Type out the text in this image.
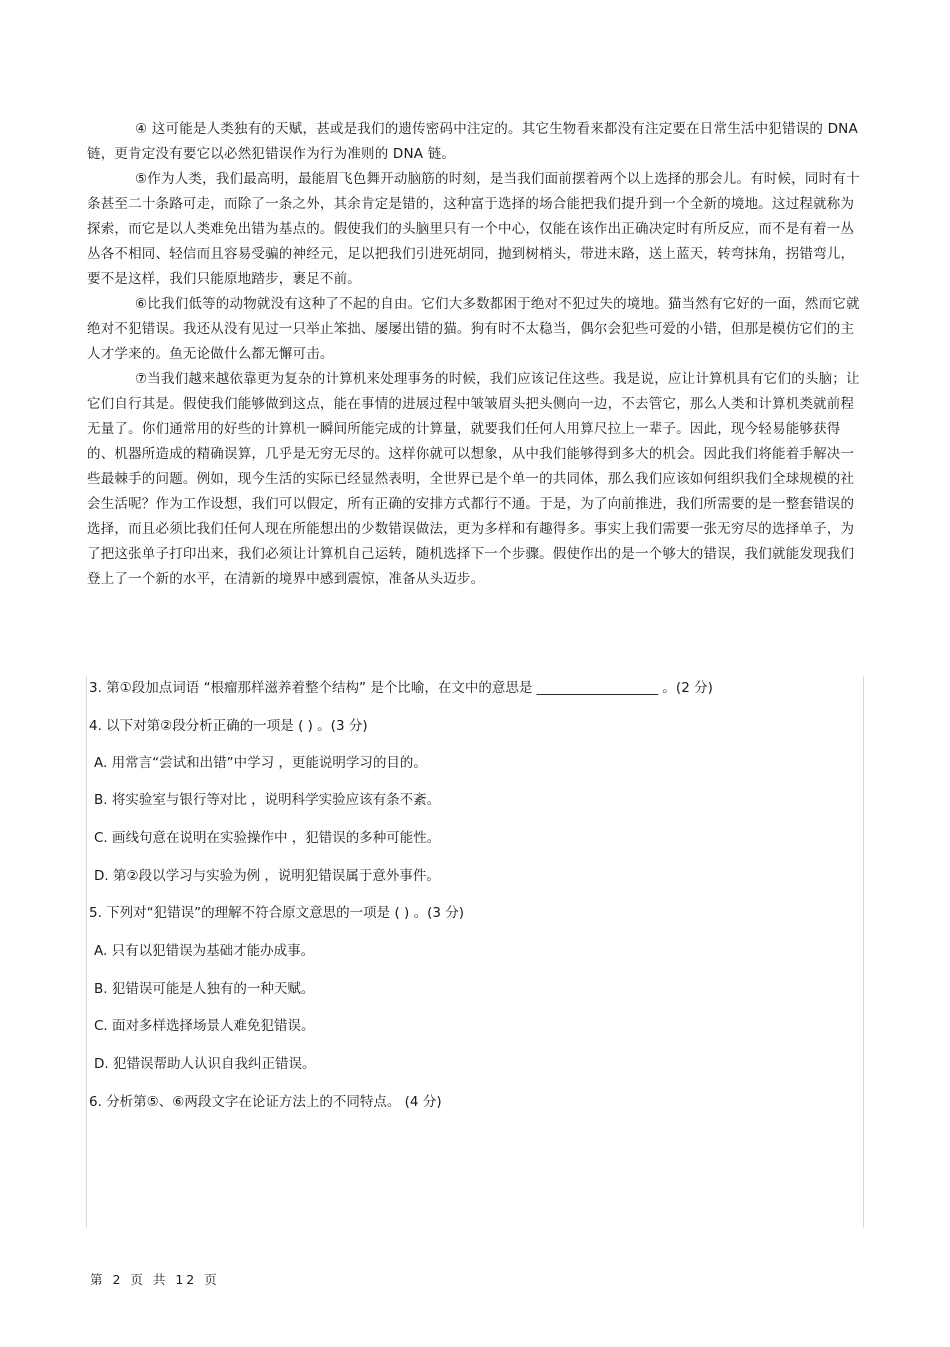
④ 这可能是人类独有的天赋，甚或是我们的遗传密码中注定的。其它生物看来都没有注定要在日常生活中犯错误的 DNA链，更肯定没有要它以必然犯错误作为行为准则的 DNA 链。

⑤作为人类，我们最高明，最能眉飞色舞开动脑筋的时刻，是当我们面前摆着两个以上选择的那会儿。有时候，同时有十条甚至二十条路可走，而除了一条之外，其余肯定是错的，这种富于选择的场合能把我们提升到一个全新的境地。这过程就称为探索，而它是以人类难免出错为基点的。假使我们的头脑里只有一个中心，仅能在该作出正确决定时有所反应，而不是有着一丛丛各不相同、轻信而且容易受骗的神经元，足以把我们引进死胡同，抛到树梢头，带进末路，送上蓝天，转弯抹角，拐错弯儿，要不是这样，我们只能原地踏步，裹足不前。

⑥比我们低等的动物就没有这种了不起的自由。它们大多数都困于绝对不犯过失的境地。猫当然有它好的一面，然而它就绝对不犯错误。我还从没有见过一只举止笨拙、屡屡出错的猫。狗有时不太稳当，偶尔会犯些可爱的小错，但那是模仿它们的主人才学来的。鱼无论做什么都无懈可击。

⑦当我们越来越依靠更为复杂的计算机来处理事务的时候，我们应该记住这些。我是说，应让计算机具有它们的头脑；让它们自行其是。假使我们能够做到这点，能在事情的进展过程中皱皱眉头把头侧向一边，不去管它，那么人类和计算机类就前程无量了。你们通常用的好些的计算机一瞬间所能完成的计算量，就要我们任何人用算尺拉上一辈子。因此，现今轻易能够获得的、机器所造成的精确误算，几乎是无穷无尽的。这样你就可以想象，从中我们能够得到多大的机会。因此我们将能着手解决一些最棘手的问题。例如，现今生活的实际已经显然表明，全世界已是个单一的共同体，那么我们应该如何组织我们全球规模的社会生活呢？作为工作设想，我们可以假定，所有正确的安排方式都行不通。于是，为了向前推进，我们所需要的是一整套错误的选择，而且必须比我们任何人现在所能想出的少数错误做法，更为多样和有趣得多。事实上我们需要一张无穷尽的选择单子，为了把这张单子打印出来，我们必须让计算机自己运转，随机选择下一个步骤。假使作出的是一个够大的错误，我们就能发现我们登上了一个新的水平，在清新的境界中感到震惊，准备从头迈步。

3. 第①段加点词语 “根瘤那样滋养着整个结构” 是个比喻，在文中的意思是 __________________ 。(2 分)
4. 以下对第②段分析正确的一项是 ( ) 。(3 分)
A. 用常言“尝试和出错”中学习 ，更能说明学习的目的。
B. 将实验室与银行等对比 ，说明科学实验应该有条不紊。
C. 画线句意在说明在实验操作中 ，犯错误的多种可能性。
D. 第②段以学习与实验为例 ，说明犯错误属于意外事件。
5. 下列对“犯错误”的理解不符合原文意思的一项是 ( ) 。(3 分)
A. 只有以犯错误为基础才能办成事。
B. 犯错误可能是人独有的一种天赋。
C. 面对多样选择场景人难免犯错误。
D. 犯错误帮助人认识自我纠正错误。
6. 分析第⑤、⑥两段文字在论证方法上的不同特点。 (4 分)
第 2 页 共 12 页
